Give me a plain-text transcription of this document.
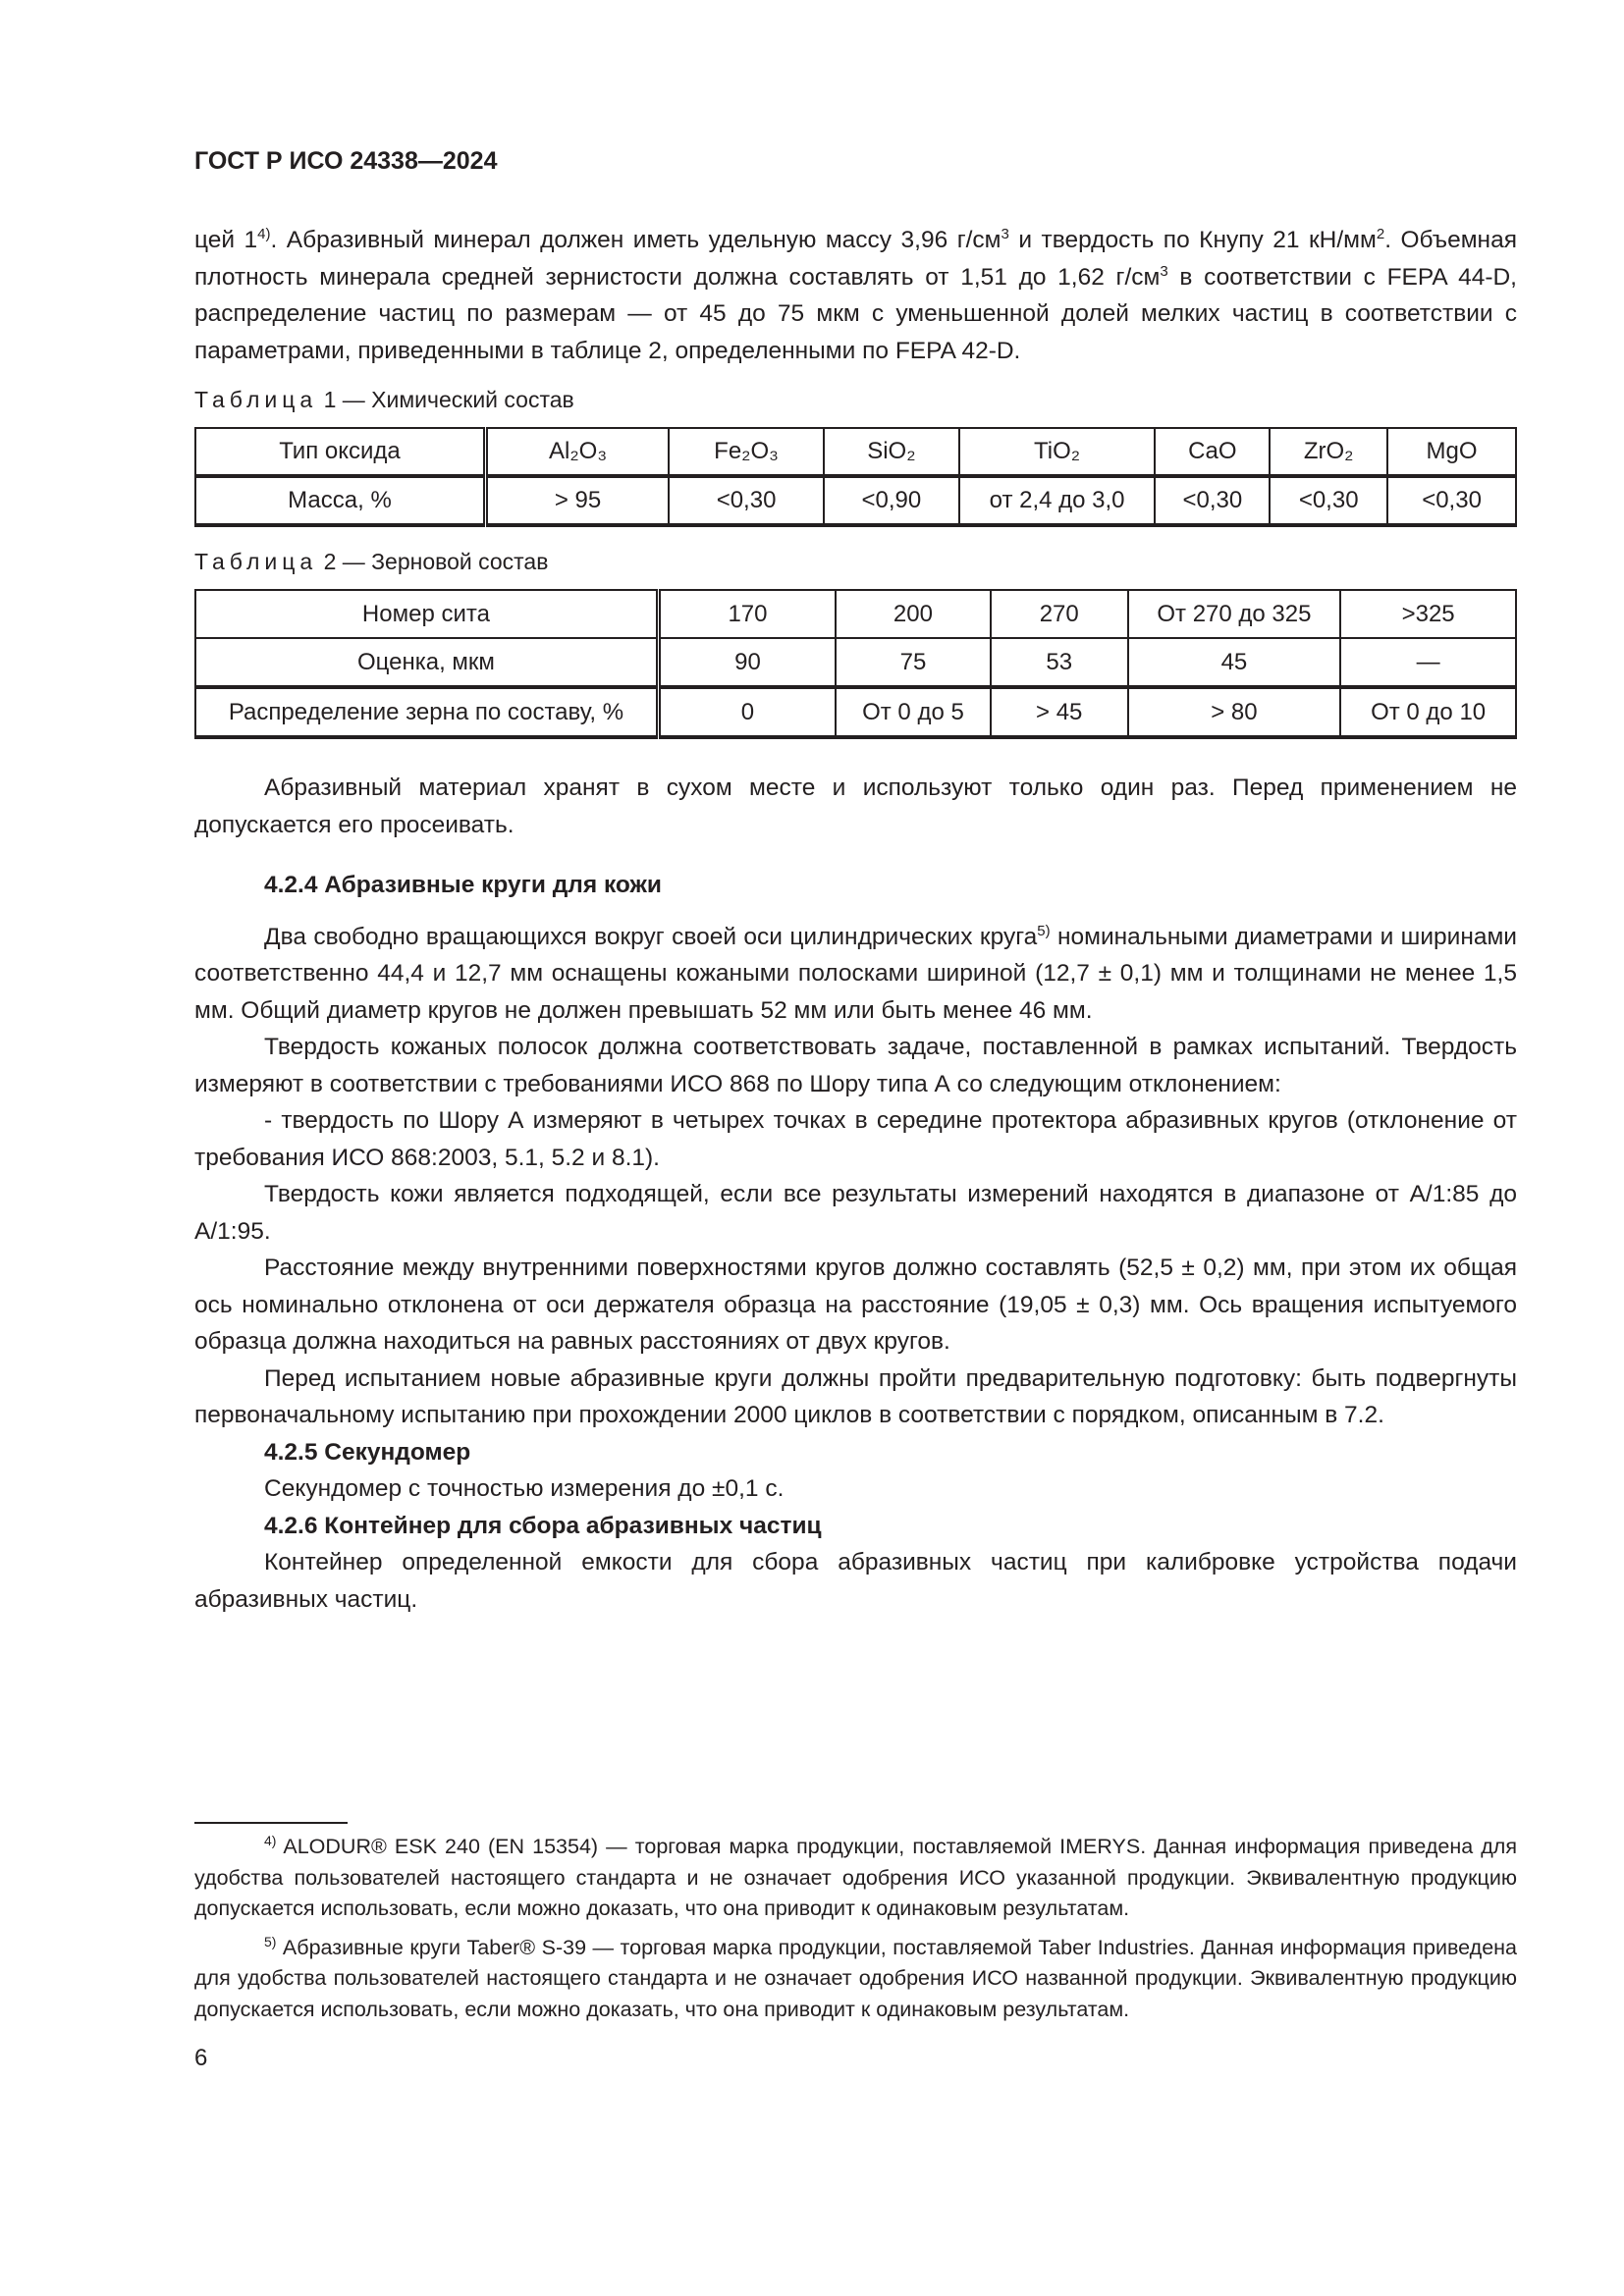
ГОСТ Р ИСО 24338—2024

цей 1$^{4)}$. Абразивный минерал должен иметь удельную массу 3,96 $г/см^3$ и твердость по Кнупу 21 $кН/мм^2$. Объемная плотность минерала средней зернистости должна составлять от 1,51 до 1,62 $г/см^3$ в соответствии с FEPA 44-D, распределение частиц по размерам — от 45 до 75 мкм с уменьшенной долей мелких частиц в соответствии с параметрами, приведенными в таблице 2, определенными по FEPA 42-D.

Таблица 1 — Химический состав
Тип оксида	Al₂O₃	Fe₂O₃	SiO₂	TiO₂	CaO	ZrO₂	MgO
Масса, %	> 95	<0,30	<0,90	от 2,4 до 3,0	<0,30	<0,30	<0,30
Таблица 2 — Зерновой состав
Номер сита	170	200	270	От 270 до 325	>325
Оценка, мкм	90	75	53	45	—
Распределение зерна по составу, %	0	От 0 до 5	> 45	> 80	От 0 до 10

Абразивный материал хранят в сухом месте и используют только один раз. Перед применением не допускается его просеивать.

4.2.4 Абразивные круги для кожи

Два свободно вращающихся вокруг своей оси цилиндрических круга$^{5)}$ номинальными диаметрами и ширинами соответственно 44,4 и 12,7 мм оснащены кожаными полосками шириной (12,7 ± 0,1) мм и толщинами не менее 1,5 мм. Общий диаметр кругов не должен превышать 52 мм или быть менее 46 мм.

Твердость кожаных полосок должна соответствовать задаче, поставленной в рамках испытаний. Твердость измеряют в соответствии с требованиями ИСО 868 по Шору типа А со следующим отклонением:

- твердость по Шору А измеряют в четырех точках в середине протектора абразивных кругов (отклонение от требования ИСО 868:2003, 5.1, 5.2 и 8.1).

Твердость кожи является подходящей, если все результаты измерений находятся в диапазоне от А/1:85 до А/1:95.

Расстояние между внутренними поверхностями кругов должно составлять (52,5 ± 0,2) мм, при этом их общая ось номинально отклонена от оси держателя образца на расстояние (19,05 ± 0,3) мм. Ось вращения испытуемого образца должна находиться на равных расстояниях от двух кругов.

Перед испытанием новые абразивные круги должны пройти предварительную подготовку: быть подвергнуты первоначальному испытанию при прохождении 2000 циклов в соответствии с порядком, описанным в 7.2.

4.2.5 Секундомер

Секундомер с точностью измерения до ±0,1 с.

4.2.6 Контейнер для сбора абразивных частиц

Контейнер определенной емкости для сбора абразивных частиц при калибровке устройства подачи абразивных частиц.

$^{4)}$ ALODUR® ESK 240 (EN 15354) — торговая марка продукции, поставляемой IMERYS. Данная информация приведена для удобства пользователей настоящего стандарта и не означает одобрения ИСО указанной продукции. Эквивалентную продукцию допускается использовать, если можно доказать, что она приводит к одинаковым результатам.

$^{5)}$ Абразивные круги Taber® S-39 — торговая марка продукции, поставляемой Taber Industries. Данная информация приведена для удобства пользователей настоящего стандарта и не означает одобрения ИСО названной продукции. Эквивалентную продукцию допускается использовать, если можно доказать, что она приводит к одинаковым результатам.

6
